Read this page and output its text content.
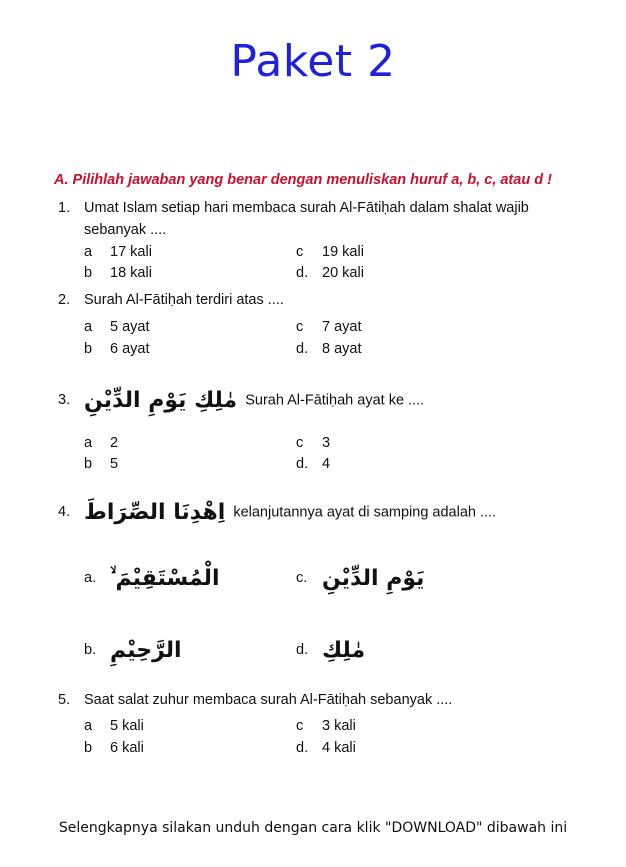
Paket 2
A. Pilihlah jawaban yang benar dengan menuliskan huruf a, b, c, atau d !
1. Umat Islam setiap hari membaca surah Al-Fātiḥah dalam shalat wajib
sebanyak ....
a 17 kali
b 18 kali
c 19 kali
d. 20 kali
2. Surah Al-Fātiḥah terdiri atas ....
a 5 ayat
b 6 ayat
c 7 ayat
d. 8 ayat
3. مٰلِكِ يَوْمِ الدِّيْنِ Surah Al-Fātiḥah ayat ke ....
a 2
b 5
c 3
d. 4
4. اِهْدِنَا الصِّرَاطَ kelanjutannya ayat di samping adalah ....
a. الْمُسْتَقِيْمَ ۙ
b. الرَّحِيْمِ
c. يَوْمِ الدِّيْنِ
d. مٰلِكِ
5. Saat salat zuhur membaca surah Al-Fātiḥah sebanyak ....
a 5 kali
b 6 kali
c 3 kali
d. 4 kali
Selengkapnya silakan unduh dengan cara klik "DOWNLOAD" dibawah ini
